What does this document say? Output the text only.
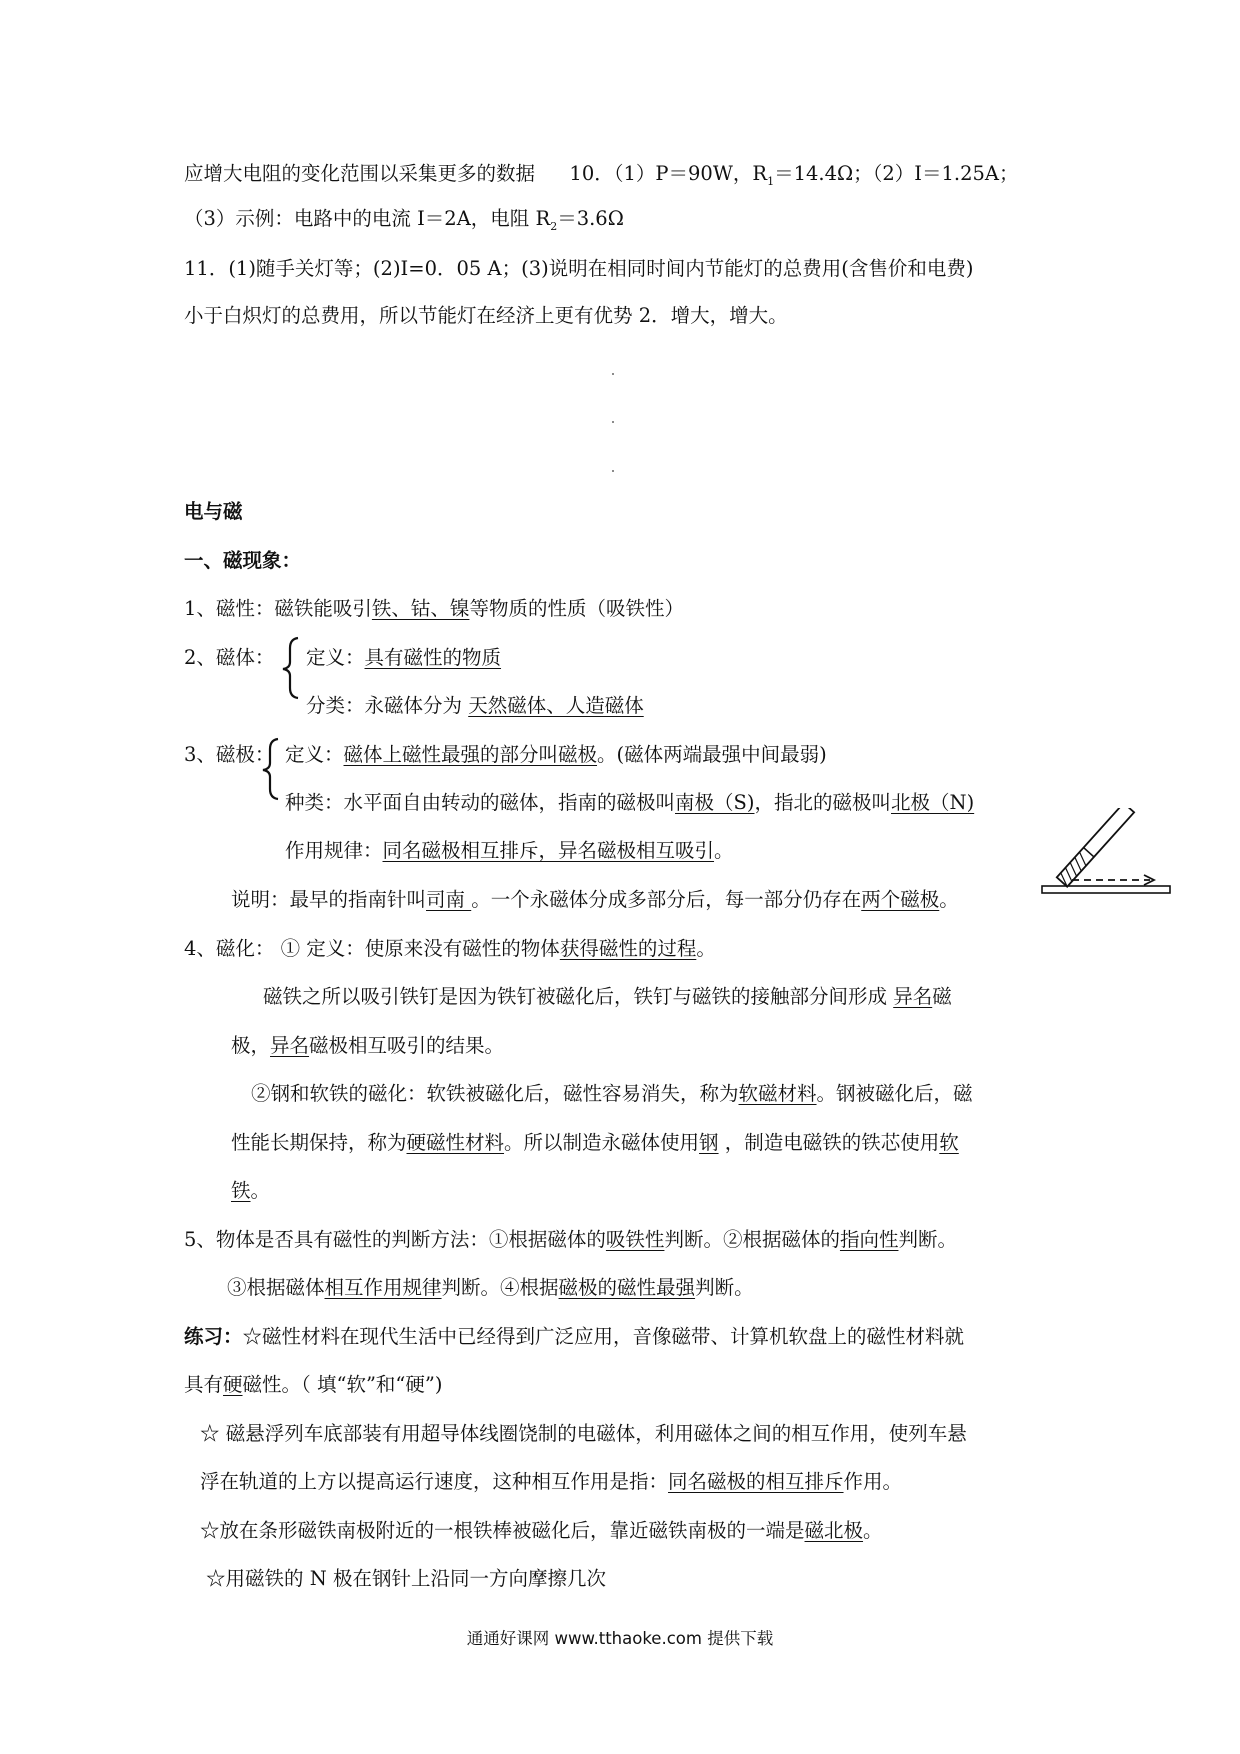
应增大电阻的变化范围以采集更多的数据 10．（1）P＝90W，$R_1=14.4\Omega$；（2）I＝1.25A；
（3）示例：电路中的电流 I＝2A，电阻 $R_2=3.6\Omega$
11．(1)随手关灯等；(2)I=0．05 A；(3)说明在相同时间内节能灯的总费用(含售价和电费)
小于白炽灯的总费用，所以节能灯在经济上更有优势 2．增大，增大。
电与磁
一、磁现象：
1、磁性：磁铁能吸引铁、钴、镍等物质的性质（吸铁性）
2、磁体： 定义：具有磁性的物质
分类：永磁体分为 天然磁体、人造磁体
3、磁极： 定义：磁体上磁性最强的部分叫磁极。(磁体两端最强中间最弱)
种类：水平面自由转动的磁体，指南的磁极叫南极（S)，指北的磁极叫北极（N)
作用规律：同名磁极相互排斥，异名磁极相互吸引。
说明：最早的指南针叫司南 。一个永磁体分成多部分后，每一部分仍存在两个磁极。
4、磁化： ① 定义：使原来没有磁性的物体获得磁性的过程。
磁铁之所以吸引铁钉是因为铁钉被磁化后，铁钉与磁铁的接触部分间形成 异名磁
极，异名磁极相互吸引的结果。
②钢和软铁的磁化：软铁被磁化后，磁性容易消失，称为软磁材料。钢被磁化后，磁
性能长期保持，称为硬磁性材料。所以制造永磁体使用钢 ，制造电磁铁的铁芯使用软
铁。
5、物体是否具有磁性的判断方法：①根据磁体的吸铁性判断。②根据磁体的指向性判断。
③根据磁体相互作用规律判断。④根据磁极的磁性最强判断。
练习：☆磁性材料在现代生活中已经得到广泛应用，音像磁带、计算机软盘上的磁性材料就
具有硬磁性。（ 填“软”和“硬”)
☆ 磁悬浮列车底部装有用超导体线圈饶制的电磁体，利用磁体之间的相互作用，使列车悬
浮在轨道的上方以提高运行速度，这种相互作用是指：同名磁极的相互排斥作用。
☆放在条形磁铁南极附近的一根铁棒被磁化后，靠近磁铁南极的一端是磁北极。
☆用磁铁的 N 极在钢针上沿同一方向摩擦几次
通通好课网 www.tthaoke.com 提供下载
